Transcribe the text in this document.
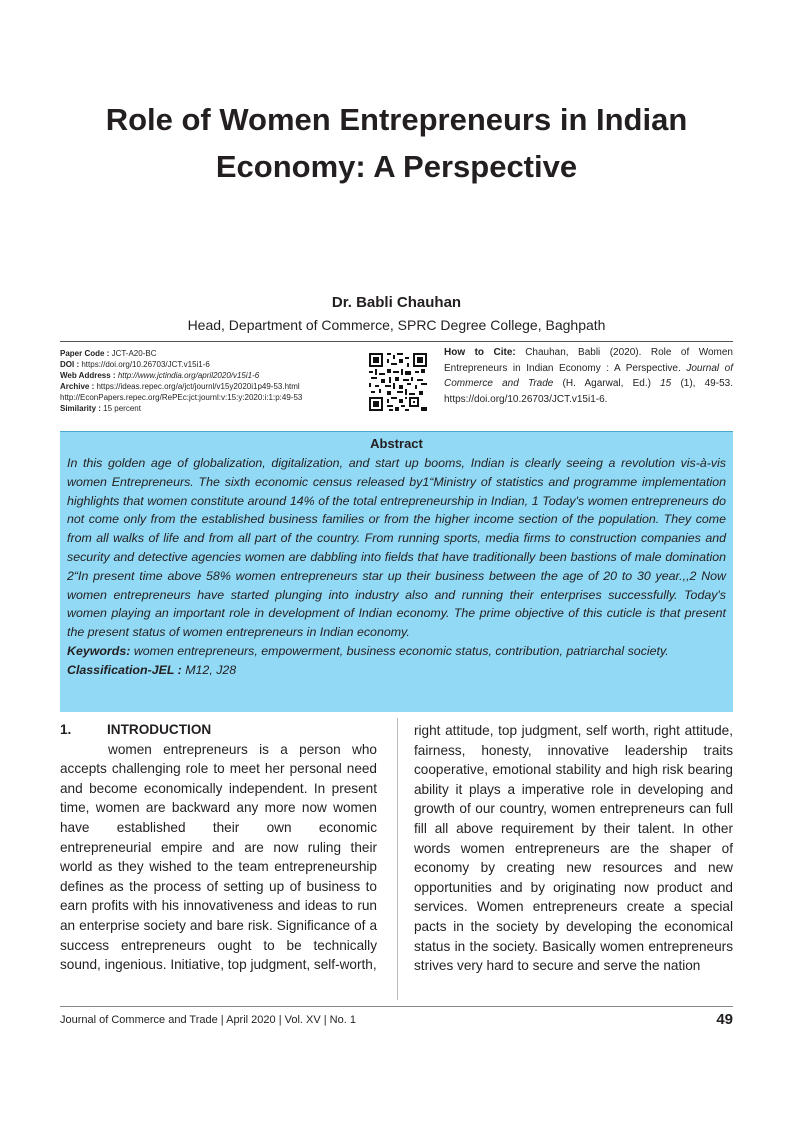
Role of Women Entrepreneurs in Indian
Economy: A Perspective
Dr. Babli Chauhan
Head, Department of Commerce, SPRC Degree College, Baghpath
Paper Code : JCT-A20-BC
DOI : https://doi.org/10.26703/JCT.v15i1-6
Web Address : http://www.jctindia.org/april2020/v15i1-6
Archive : https://ideas.repec.org/a/jct/journl/v15y2020i1p49-53.html
http://EconPapers.repec.org/RePEc:jct:journl:v:15:y:2020:i:1:p:49-53
Similarity : 15 percent
How to Cite: Chauhan, Babli (2020). Role of Women Entrepreneurs in Indian Economy : A Perspective. Journal of Commerce and Trade (H. Agarwal, Ed.) 15 (1), 49-53. https://doi.org/10.26703/JCT.v15i1-6.

Abstract

In this golden age of globalization, digitalization, and start up booms, Indian is clearly seeing a revolution vis-à-vis women Entrepreneurs. The sixth economic census released by1“Ministry of statistics and programme implementation highlights that women constitute around 14% of the total entrepreneurship in Indian, 1 Today's women entrepreneurs do not come only from the established business families or from the higher income section of the population. They come from all walks of life and from all part of the country. From running sports, media firms to construction companies and security and detective agencies women are dabbling into fields that have traditionally been bastions of male domination 2“In present time above 58% women entrepreneurs star up their business between the age of 20 to 30 year.,,2 Now women entrepreneurs have started plunging into industry also and running their enterprises successfully. Today's women playing an important role in development of Indian economy. The prime objective of this cuticle is that present the present status of women entrepreneurs in Indian economy.

Keywords: women entrepreneurs, empowerment, business economic status, contribution, patriarchal society.

Classification-JEL : M12, J28

1.	INTRODUCTION

women entrepreneurs is a person who accepts challenging role to meet her personal need and become economically independent. In present time, women are backward any more now women have established their own economic entrepreneurial empire and are now ruling their world as they wished to the team entrepreneurship defines as the process of setting up of business to earn profits with his innovativeness and ideas to run an enterprise society and bare risk. Significance of a success entrepreneurs ought to be technically sound, ingenious. Initiative, top judgment, self-worth,

right attitude, top judgment, self worth, right attitude, fairness, honesty, innovative leadership traits cooperative, emotional stability and high risk bearing ability it plays a imperative role in developing and growth of our country, women entrepreneurs can full fill all above requirement by their talent. In other words women entrepreneurs are the shaper of economy by creating new resources and new opportunities and by originating now product and services. Women entrepreneurs create a special pacts in the society by developing the economical status in the society. Basically women entrepreneurs strives very hard to secure and serve the nation

Journal of Commerce and Trade | April 2020 | Vol. XV | No. 1	49
